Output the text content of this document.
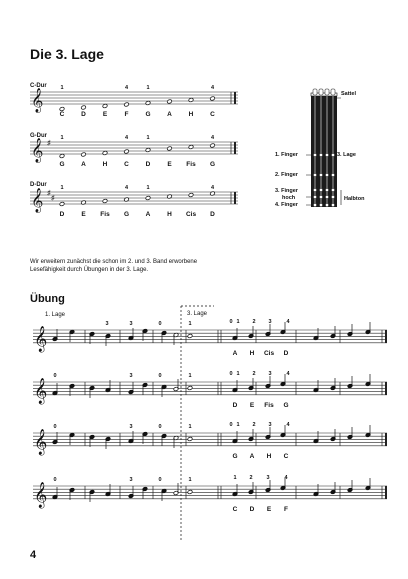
Die 3. Lage
C-Dur
G-Dur
D-Dur
Sattel
1. Finger	3. Lage
2. Finger
3. Finger
hoch
4. Finger
Halbton
Wir erweitern zunächst die schon im 2. und 3. Band erworbene
Lesefähigkeit durch Übungen in der 3. Lage.
Übung
1. Lage	3. Lage
4
𝄞
C	D	E	F	G	A	H	C
1	4	1	4
𝄞
G	A	H	C	D	E Fis G
1	4	1	4
♯
𝄞
D	E Fis G	A	H Cis D
1	4	1	4
♯
♯
𝄞
3	0
3	1	0 1 2 3	4
A H Cis D
𝄞
0	3	0	1	0 1 2 3	4
D E Fis G
𝄞
0	3	0	1	0 1 2 3	4
G A H C
𝄞
0	3	0	1	1 2	3	4
C D E F
